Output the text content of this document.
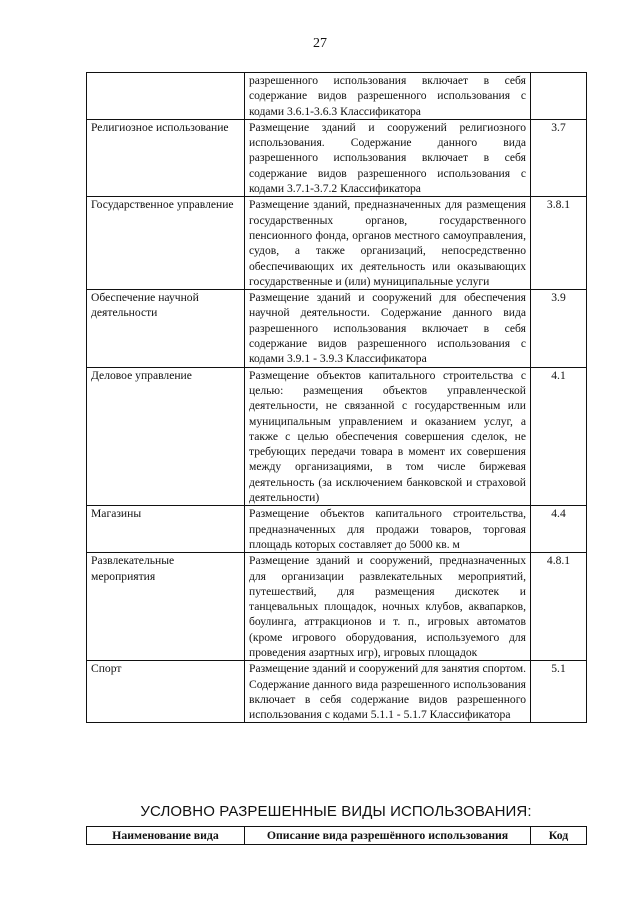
27
	разрешенного использования включает в себя содержание видов разрешенного использования с кодами 3.6.1-3.6.3 Классификатора	
Религиозное использование	Размещение зданий и сооружений религиозного использования. Содержание данного вида разрешенного использования включает в себя содержание видов разрешенного использования с кодами 3.7.1-3.7.2 Классификатора	3.7
Государственное управление	Размещение зданий, предназначенных для размещения государственных органов, государственного пенсионного фонда, органов местного самоуправления, судов, а также организаций, непосредственно обеспечивающих их деятельность или оказывающих государственные и (или) муниципальные услуги	3.8.1
Обеспечение научной деятельности	Размещение зданий и сооружений для обеспечения научной деятельности. Содержание данного вида разрешенного использования включает в себя содержание видов разрешенного использования с кодами 3.9.1 - 3.9.3 Классификатора	3.9
Деловое управление	Размещение объектов капитального строительства с целью: размещения объектов управленческой деятельности, не связанной с государственным или муниципальным управлением и оказанием услуг, а также с целью обеспечения совершения сделок, не требующих передачи товара в момент их совершения между организациями, в том числе биржевая деятельность (за исключением банковской и страховой деятельности)	4.1
Магазины	Размещение объектов капитального строительства, предназначенных для продажи товаров, торговая площадь которых составляет до 5000 кв. м	4.4
Развлекательные мероприятия	Размещение зданий и сооружений, предназначенных для организации развлекательных мероприятий, путешествий, для размещения дискотек и танцевальных площадок, ночных клубов, аквапарков, боулинга, аттракционов и т. п., игровых автоматов (кроме игрового оборудования, используемого для проведения азартных игр), игровых площадок	4.8.1
Спорт	Размещение зданий и сооружений для занятия спортом. Содержание данного вида разрешенного использования включает в себя содержание видов разрешенного использования с кодами 5.1.1 - 5.1.7 Классификатора	5.1
УСЛОВНО РАЗРЕШЕННЫЕ ВИДЫ ИСПОЛЬЗОВАНИЯ:
Наименование вида	Описание вида разрешённого использования	Код
